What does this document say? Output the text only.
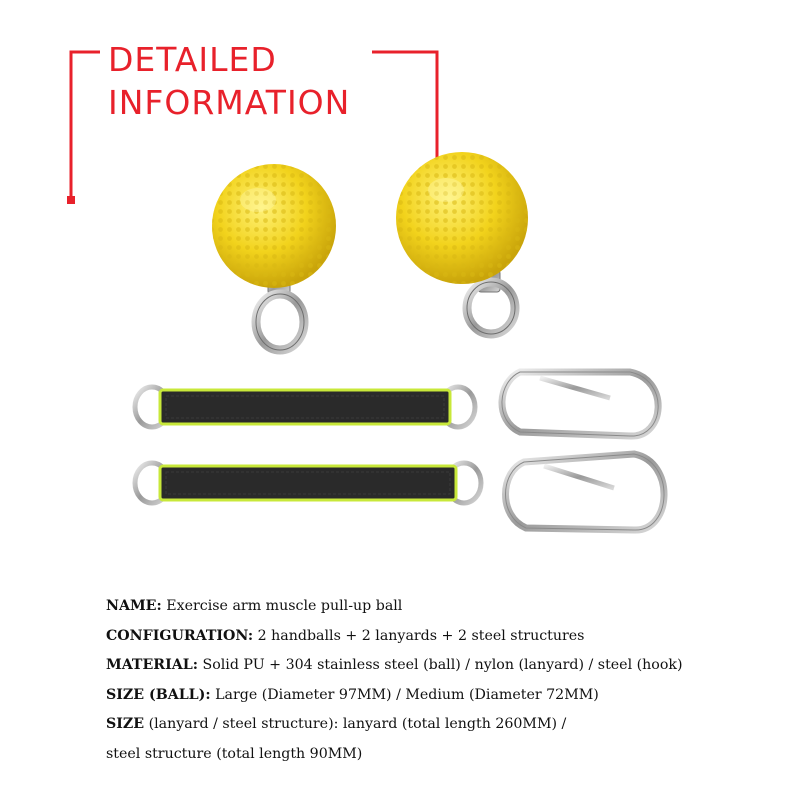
DETAILED
INFORMATION
NAME: Exercise arm muscle pull-up ball
CONFIGURATION: 2 handballs + 2 lanyards + 2 steel structures
MATERIAL: Solid PU + 304 stainless steel (ball) / nylon (lanyard) / steel (hook)
SIZE (BALL): Large (Diameter 97MM) / Medium (Diameter 72MM)
SIZE (lanyard / steel structure): lanyard (total length 260MM) /
steel structure (total length 90MM)
